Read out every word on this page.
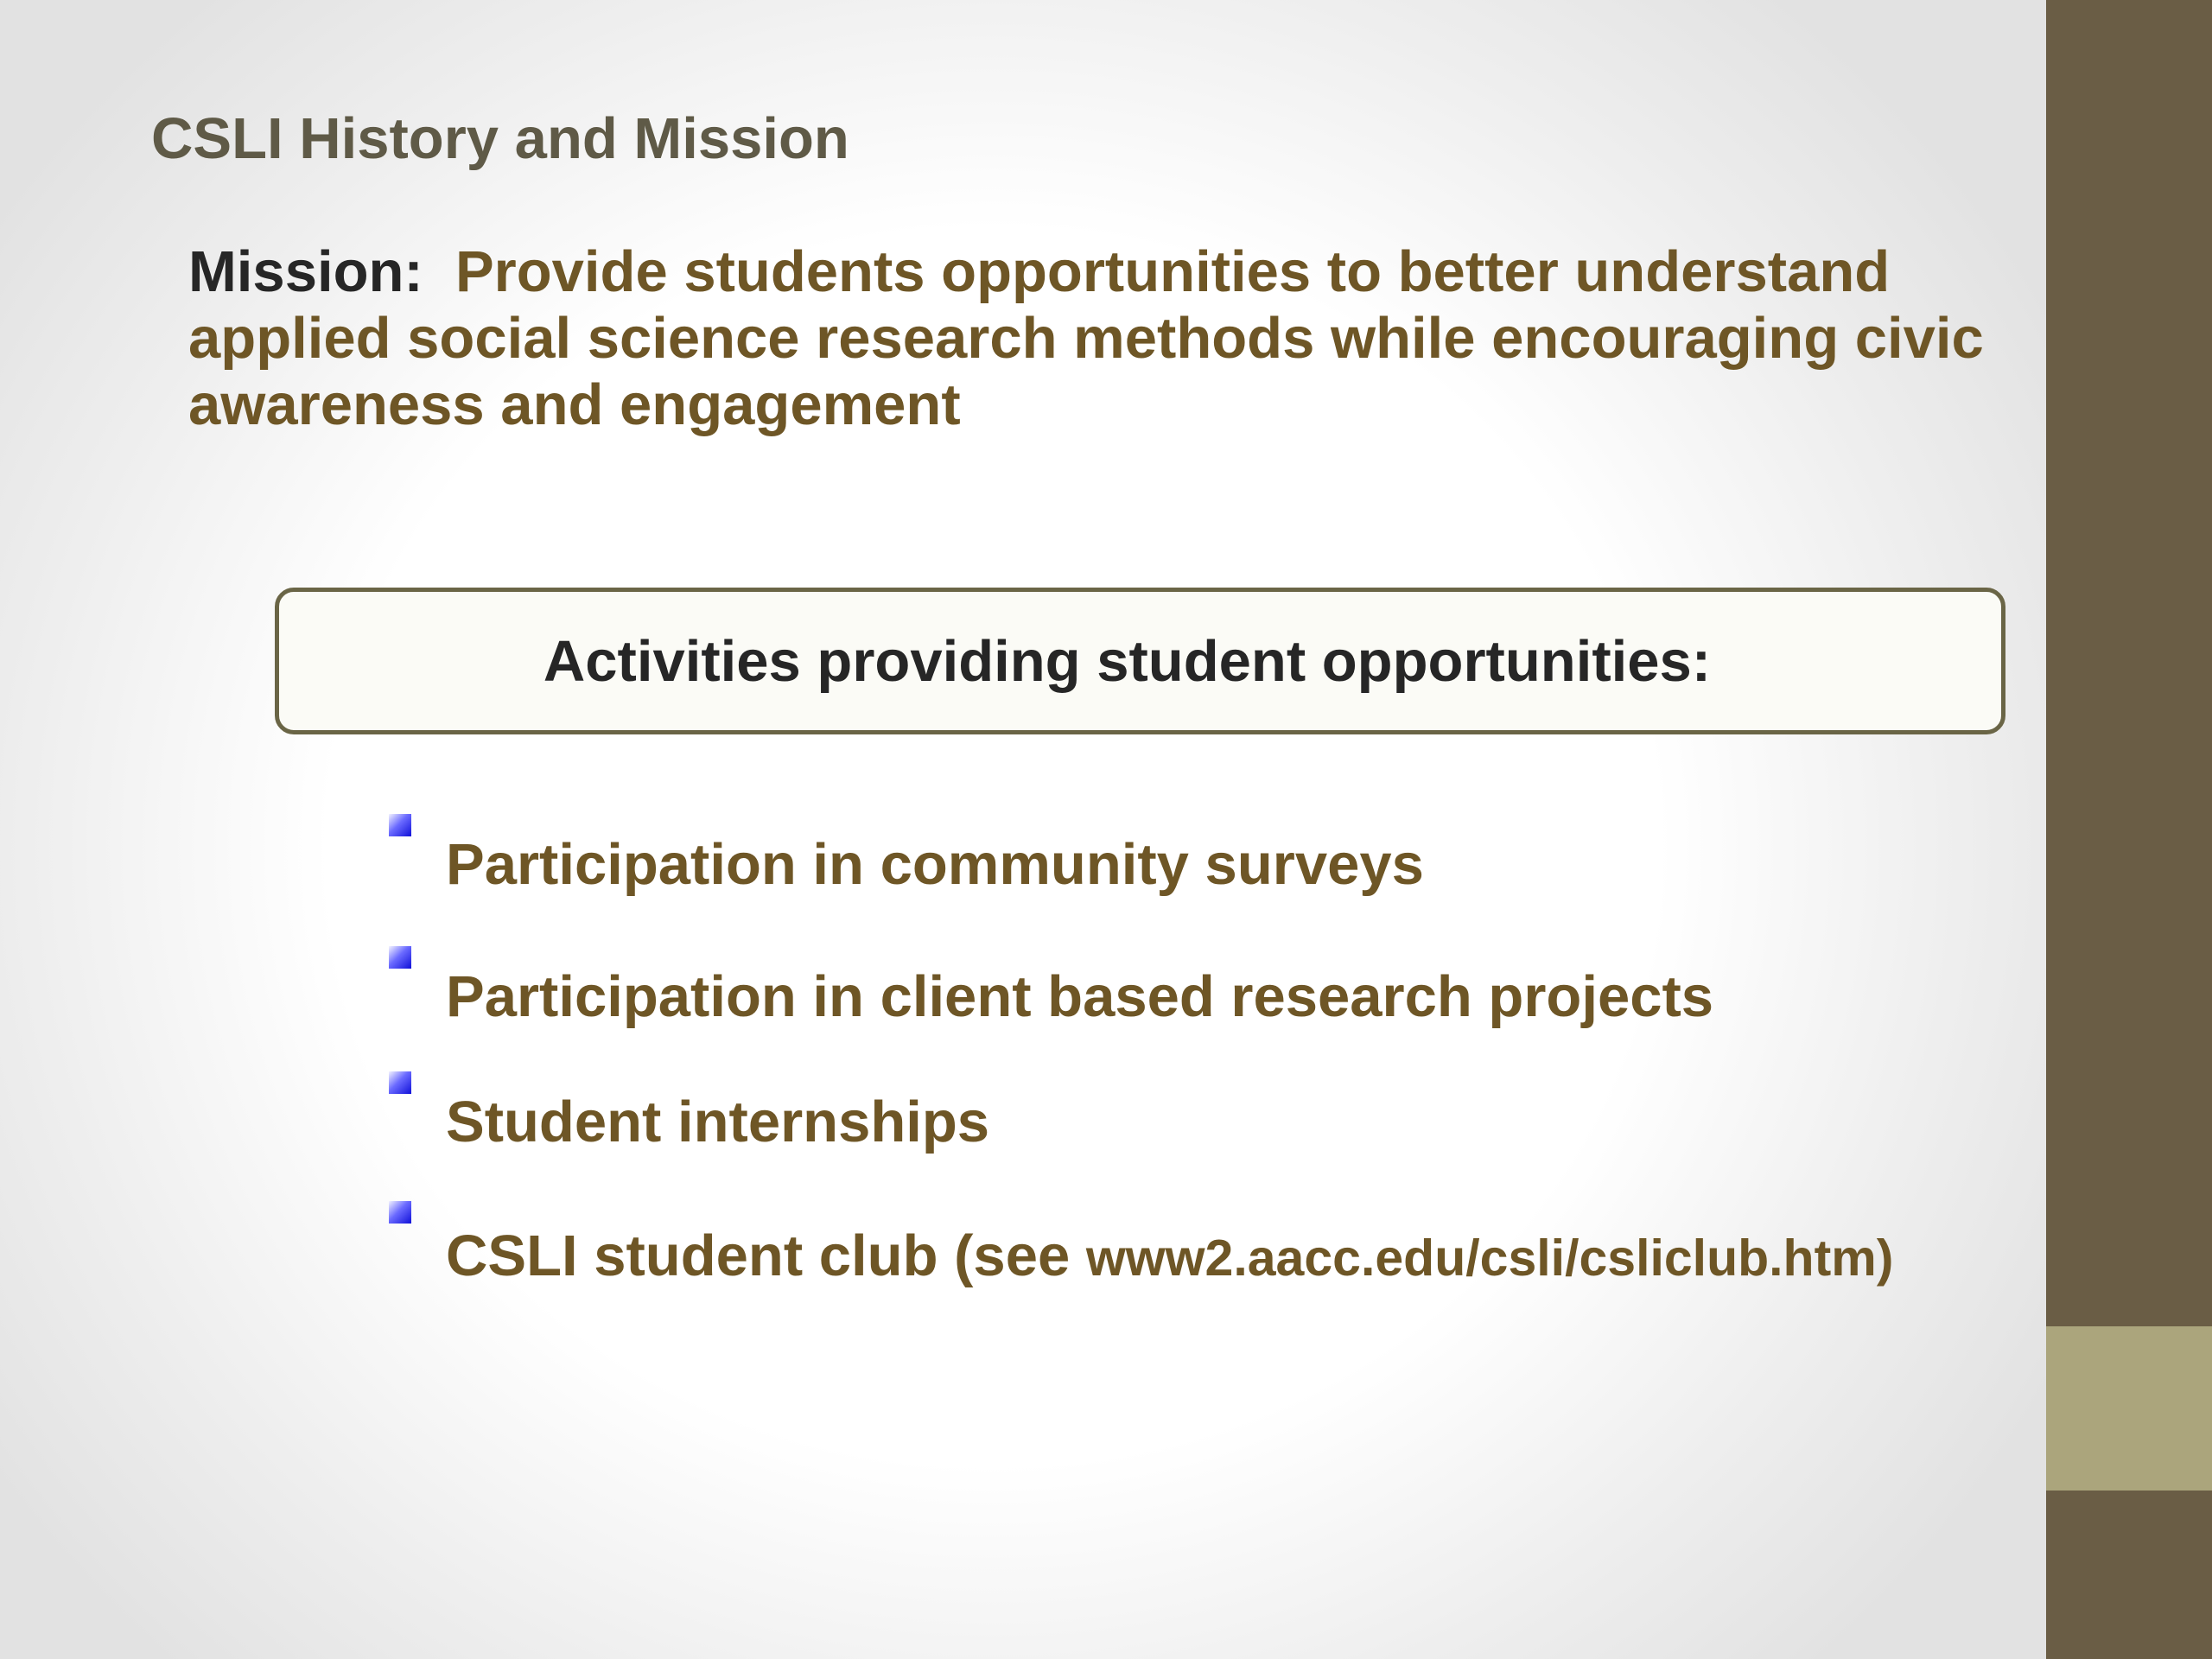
CSLI History and Mission

Mission: Provide students opportunities to better understand applied social science research methods while encouraging civic awareness and engagement

Activities providing student opportunities:
Participation in community surveys
Participation in client based research projects
Student internships
CSLI student club (see www2.aacc.edu/csli/csliclub.htm)
